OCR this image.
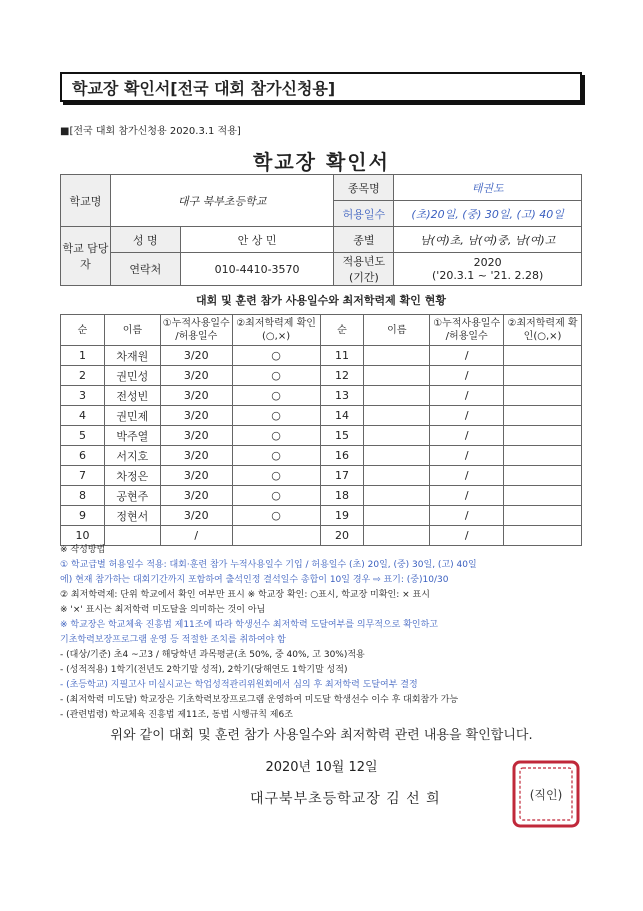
학교장 확인서[전국 대회 참가신청용]
■[전국 대회 참가신청용 2020.3.1 적용]
학교장 확인서
학교명	대구 북부초등학교		종목명	태권도
			허용일수	(초)20일, (중) 30일, (고) 40일
학교 담당자	성 명	안 상 민	종별	남(여)초, 남(여)중, 남(여)고
	연락처	010-4410-3570	적용년도 (기간)	2020
('20.3.1 ~ '21. 2.28)
대회 및 훈련 참가 사용일수와 최저학력제 확인 현황
순	이름	①누적사용일수 /허용일수	②최저학력제 확인(○,×)	순	이름	①누적사용일수 /허용일수	②최저학력제 확인(○,×)
1	차재원	3/20	○	11		/	
2	권민성	3/20	○	12		/	
3	전성빈	3/20	○	13		/	
4	권민제	3/20	○	14		/	
5	박주열	3/20	○	15		/	
6	서지호	3/20	○	16		/	
7	차정은	3/20	○	17		/	
8	공현주	3/20	○	18		/	
9	정현서	3/20	○	19		/	
10		/		20		/	
※ 작성방법
① 학교급별 허용일수 적용: 대회·훈련 참가 누적사용일수 기입 / 허용일수 (초) 20일, (중) 30일, (고) 40일
에) 현재 참가하는 대회기간까지 포함하여 출석인정 결석일수 총합이 10일 경우 ⇨ 표기: (중)10/30
② 최저학력제: 단위 학교에서 확인 여부만 표시 ※ 학교장 확인: ○표시, 학교장 미확인: × 표시
※ '×' 표시는 최저학력 미도달을 의미하는 것이 아님
※ 학교장은 학교체육 진흥법 제11조에 따라 학생선수 최저학력 도달여부를 의무적으로 확인하고
기초학력보장프로그램 운영 등 적절한 조치를 취하여야 함
- (대상/기준) 초4 ~고3 / 해당학년 과목평균(초 50%, 중 40%, 고 30%)적용
- (성적적용) 1학기(전년도 2학기말 성적), 2학기(당해연도 1학기말 성적)
- (초등학교) 지필고사 미실시교는 학업성적관리위원회에서 심의 후 최저학력 도달여부 결정
- (최저학력 미도달) 학교장은 기초학력보장프로그램 운영하여 미도달 학생선수 이수 후 대회참가 가능
- (관련법령) 학교체육 진흥법 제11조, 동법 시행규칙 제6조
위와 같이 대회 및 훈련 참가 사용일수와 최저학력 관련 내용을 확인합니다.
2020년 10월 12일
대구북부초등학교장 김 선 희	(직인)
